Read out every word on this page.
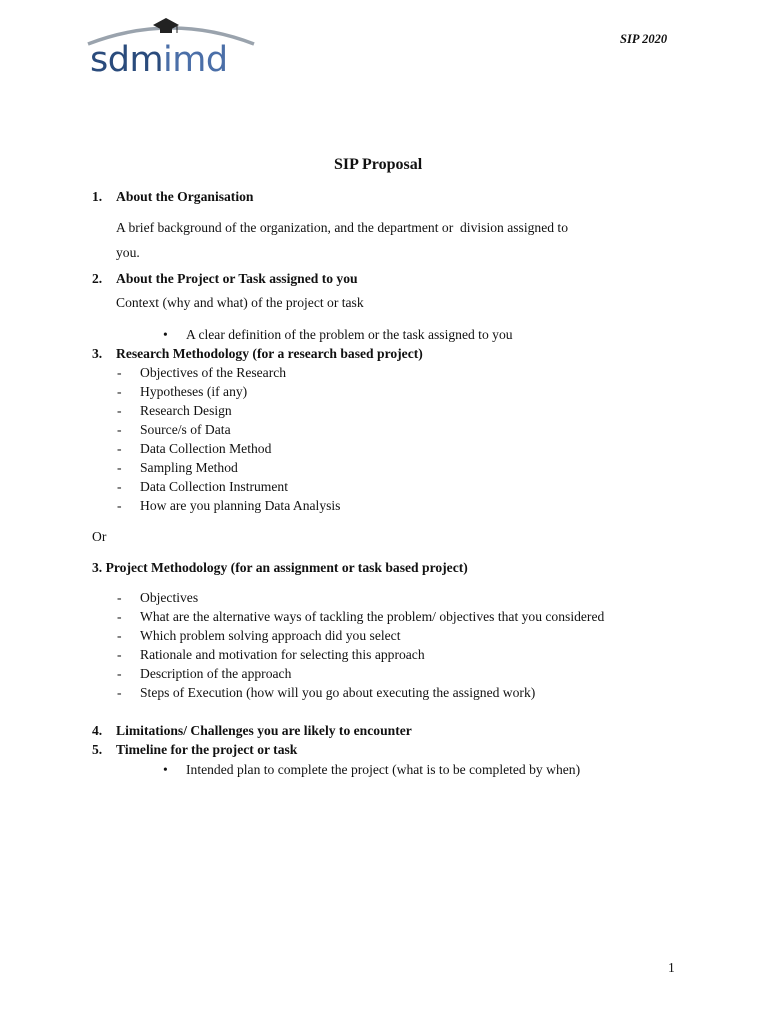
sdmimd
SIP 2020
SIP Proposal
1. About the Organisation
A brief background of the organization, and the department or  division assigned to
you.
2. About the Project or Task assigned to you
Context (why and what) of the project or task
• A clear definition of the problem or the task assigned to you
3. Research Methodology (for a research based project)
- Objectives of the Research
- Hypotheses (if any)
- Research Design
- Source/s of Data
- Data Collection Method
- Sampling Method
- Data Collection Instrument
- How are you planning Data Analysis
Or
3. Project Methodology (for an assignment or task based project)
- Objectives
- What are the alternative ways of tackling the problem/ objectives that you considered
- Which problem solving approach did you select
- Rationale and motivation for selecting this approach
- Description of the approach
- Steps of Execution (how will you go about executing the assigned work)
4. Limitations/ Challenges you are likely to encounter
5. Timeline for the project or task
• Intended plan to complete the project (what is to be completed by when)
1
